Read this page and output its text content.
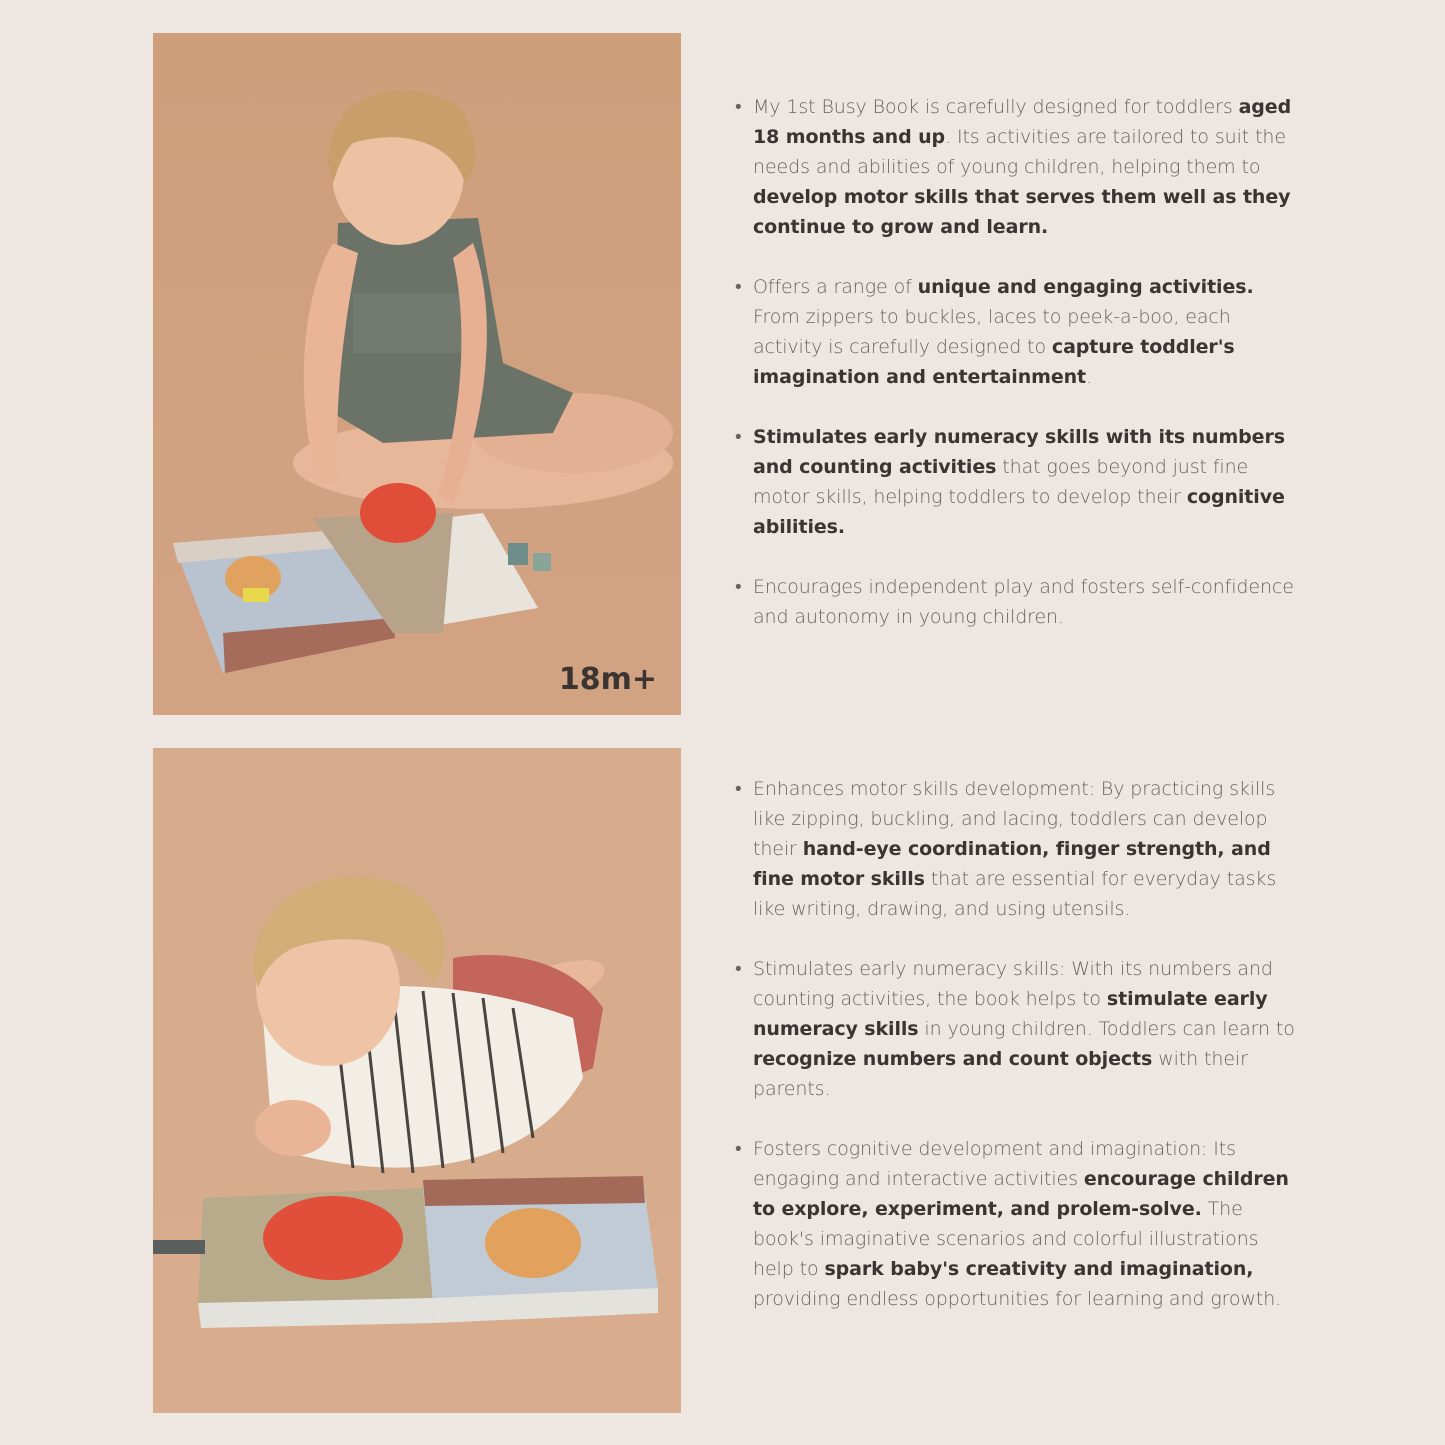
18m+
• My 1st Busy Book is carefully designed for toddlers aged 18 months and up. Its activities are tailored to suit the needs and abilities of young children, helping them to develop motor skills that serves them well as they continue to grow and learn.
• Offers a range of unique and engaging activities. From zippers to buckles, laces to peek-a-boo, each activity is carefully designed to capture toddler's imagination and entertainment.
• Stimulates early numeracy skills with its numbers and counting activities that goes beyond just fine motor skills, helping toddlers to develop their cognitive abilities.
• Encourages independent play and fosters self-confidence and autonomy in young children.
• Enhances motor skills development: By practicing skills like zipping, buckling, and lacing, toddlers can develop their hand-eye coordination, finger strength, and fine motor skills that are essential for everyday tasks like writing, drawing, and using utensils.
• Stimulates early numeracy skills: With its numbers and counting activities, the book helps to stimulate early numeracy skills in young children. Toddlers can learn to recognize numbers and count objects with their parents.
• Fosters cognitive development and imagination: Its engaging and interactive activities encourage children to explore, experiment, and prolem-solve. The book's imaginative scenarios and colorful illustrations help to spark baby's creativity and imagination, providing endless opportunities for learning and growth.
